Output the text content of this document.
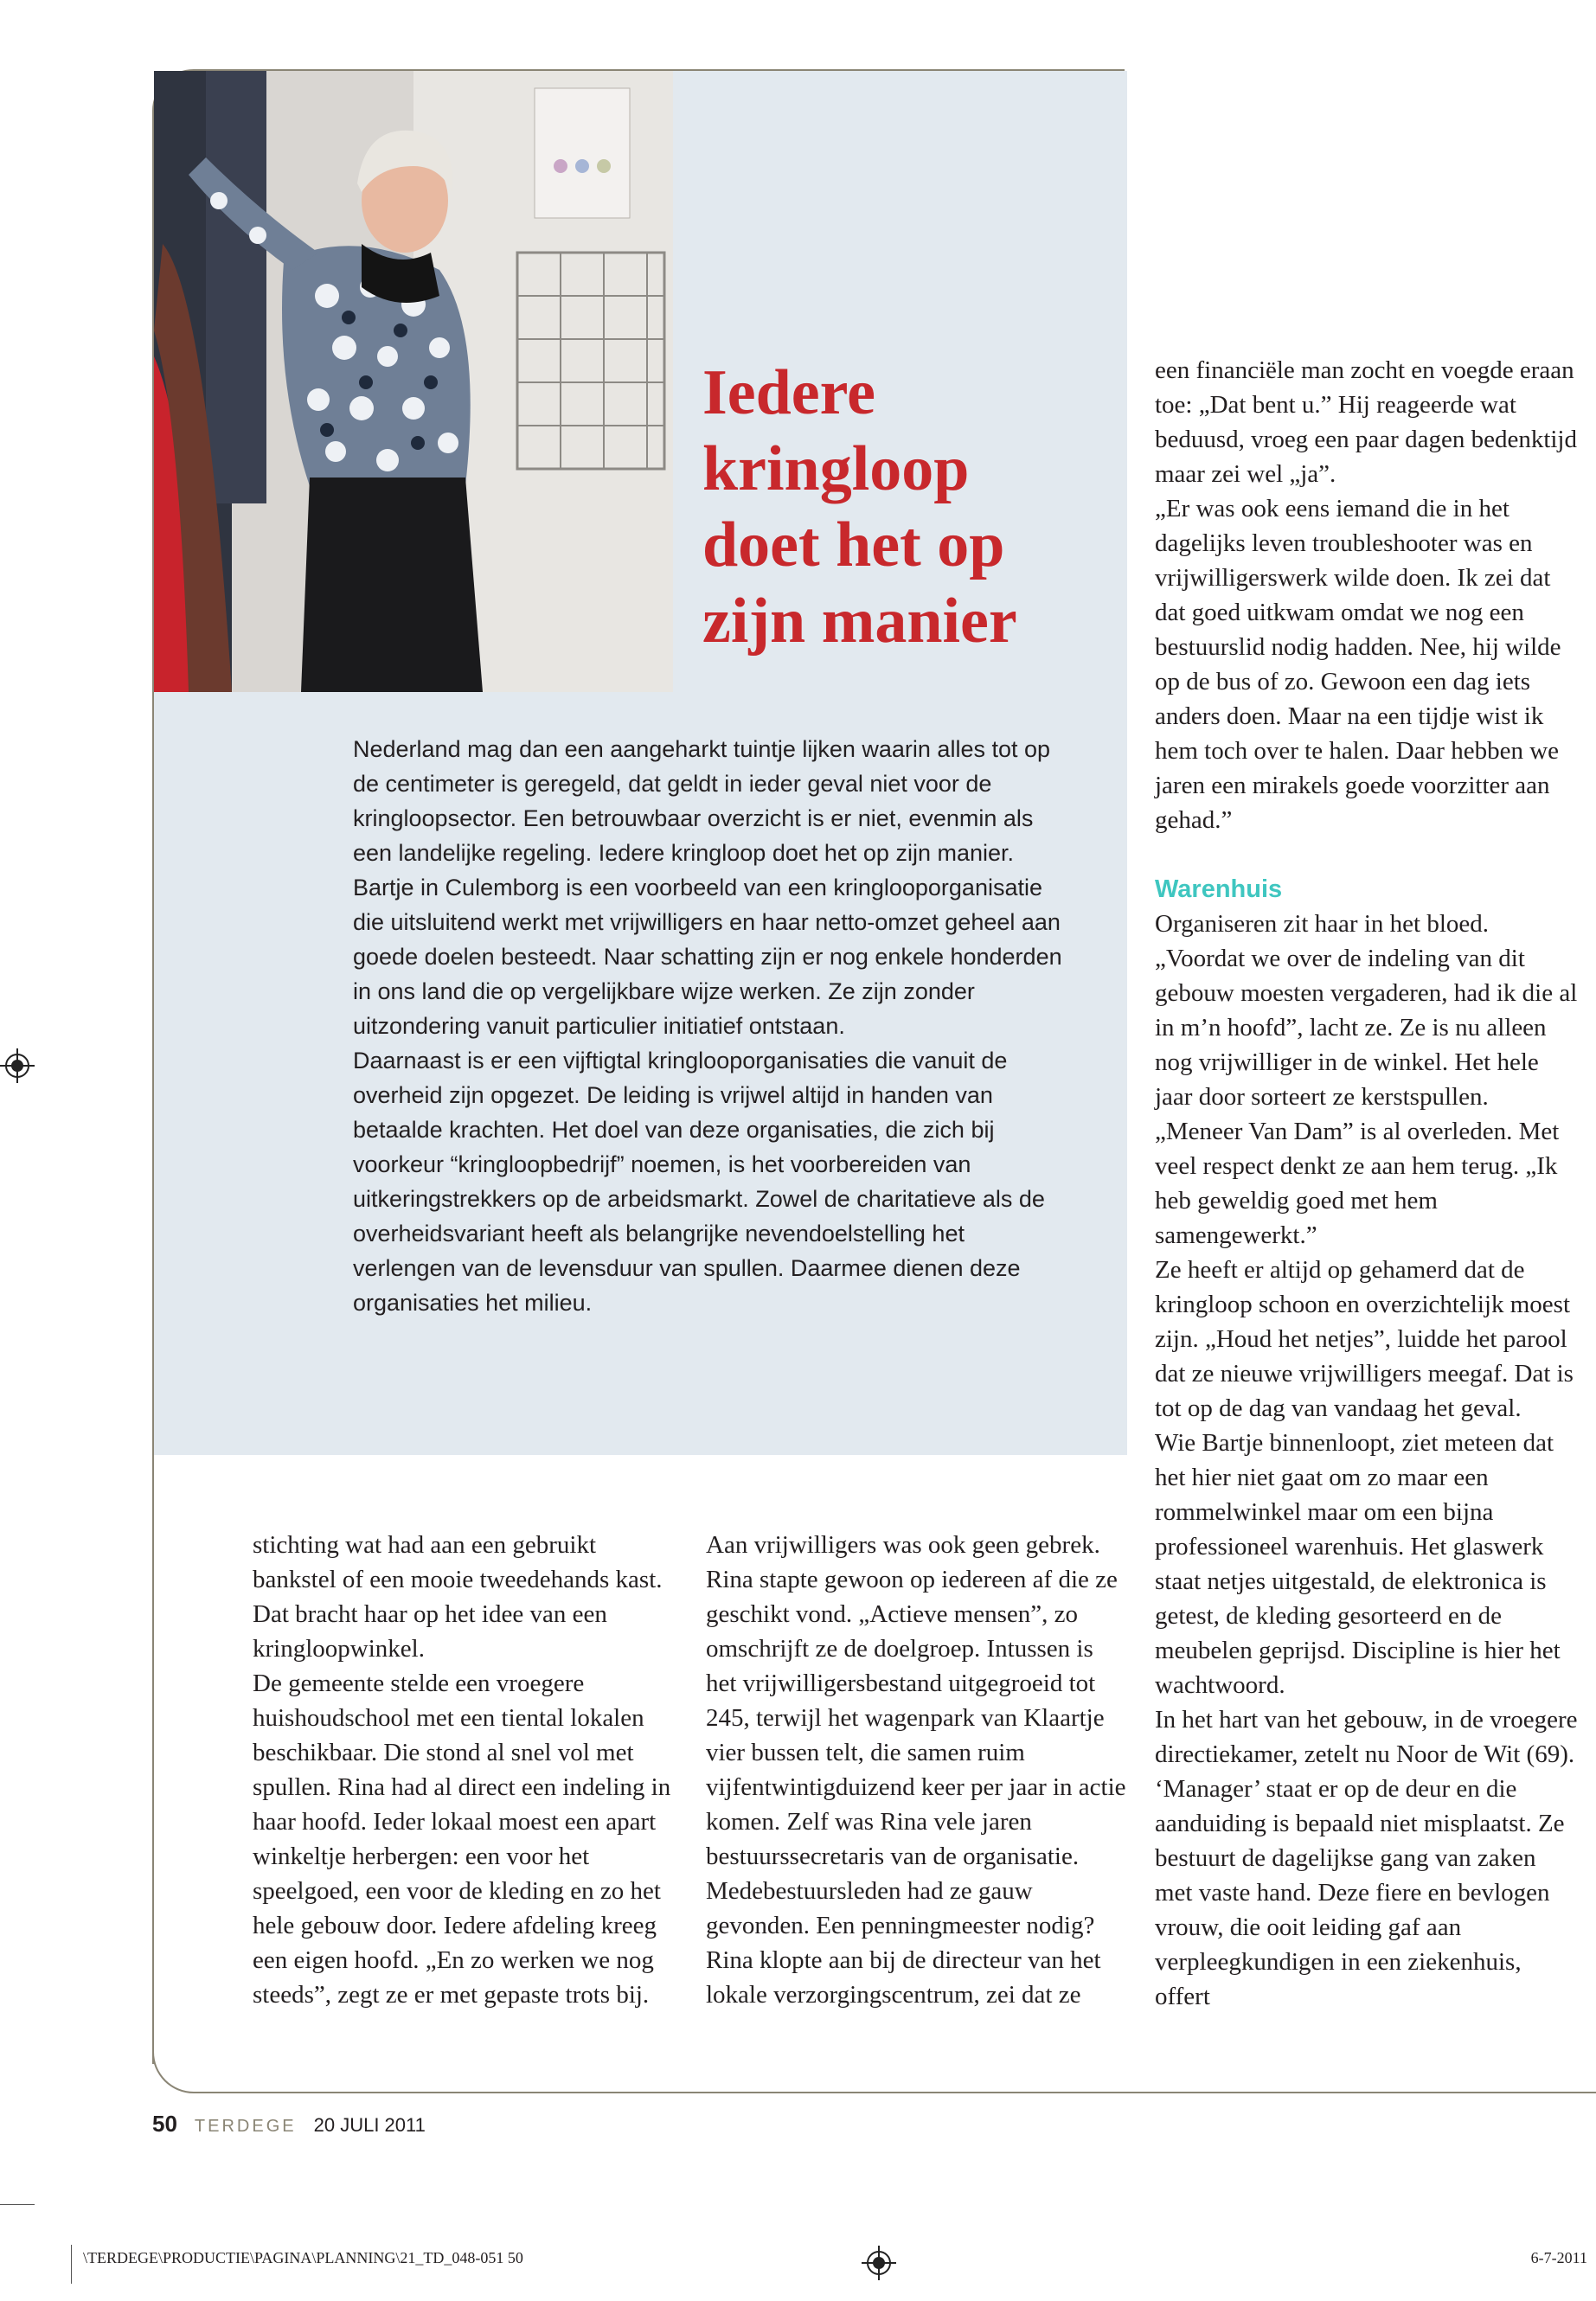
Iedere kringloop doet het op zijn manier

Nederland mag dan een aangeharkt tuintje lijken waarin alles tot op de centimeter is geregeld, dat geldt in ieder geval niet voor de kringloopsector. Een betrouwbaar overzicht is er niet, evenmin als een landelijke regeling. Iedere kringloop doet het op zijn manier.

Bartje in Culemborg is een voorbeeld van een kringlooporganisatie die uitsluitend werkt met vrijwilligers en haar netto-omzet geheel aan goede doelen besteedt. Naar schatting zijn er nog enkele honderden in ons land die op vergelijkbare wijze werken. Ze zijn zonder uitzondering vanuit particulier initiatief ontstaan.

Daarnaast is er een vijftigtal kringlooporganisaties die vanuit de overheid zijn opgezet. De leiding is vrijwel altijd in handen van betaalde krachten. Het doel van deze organisaties, die zich bij voorkeur “kringloopbedrijf” noemen, is het voorbereiden van uitkeringstrekkers op de arbeidsmarkt. Zowel de charitatieve als de overheidsvariant heeft als belangrijke nevendoelstelling het verlengen van de levensduur van spullen. Daarmee dienen deze organisaties het milieu.

stichting wat had aan een gebruikt bankstel of een mooie tweedehands kast. Dat bracht haar op het idee van een kringloopwinkel.

De gemeente stelde een vroegere huishoudschool met een tiental lokalen beschikbaar. Die stond al snel vol met spullen. Rina had al direct een indeling in haar hoofd. Ieder lokaal moest een apart winkeltje herbergen: een voor het speelgoed, een voor de kleding en zo het hele gebouw door. Iedere afdeling kreeg een eigen hoofd. „En zo werken we nog steeds”, zegt ze er met gepaste trots bij.

Aan vrijwilligers was ook geen gebrek. Rina stapte gewoon op iedereen af die ze geschikt vond. „Actieve mensen”, zo omschrijft ze de doelgroep. Intussen is het vrijwilligersbestand uitgegroeid tot 245, terwijl het wagenpark van Klaartje vier bussen telt, die samen ruim vijfentwintigduizend keer per jaar in actie komen. Zelf was Rina vele jaren bestuurssecretaris van de organisatie. Medebestuursleden had ze gauw gevonden. Een penningmeester nodig? Rina klopte aan bij de directeur van het lokale verzorgingscentrum, zei dat ze

een financiële man zocht en voegde eraan toe: „Dat bent u.” Hij reageerde wat beduusd, vroeg een paar dagen bedenktijd maar zei wel „ja”.

„Er was ook eens iemand die in het dagelijks leven troubleshooter was en vrijwilligerswerk wilde doen. Ik zei dat dat goed uitkwam omdat we nog een bestuurslid nodig hadden. Nee, hij wilde op de bus of zo. Gewoon een dag iets anders doen. Maar na een tijdje wist ik hem toch over te halen. Daar hebben we jaren een mirakels goede voorzitter aan gehad.”

Warenhuis

Organiseren zit haar in het bloed. „Voordat we over de indeling van dit gebouw moesten vergaderen, had ik die al in m’n hoofd”, lacht ze. Ze is nu alleen nog vrijwilliger in de winkel. Het hele jaar door sorteert ze kerstspullen. „Meneer Van Dam” is al overleden. Met veel respect denkt ze aan hem terug. „Ik heb geweldig goed met hem samengewerkt.”

Ze heeft er altijd op gehamerd dat de kringloop schoon en overzichtelijk moest zijn. „Houd het netjes”, luidde het parool dat ze nieuwe vrijwilligers meegaf. Dat is tot op de dag van vandaag het geval.

Wie Bartje binnenloopt, ziet meteen dat het hier niet gaat om zo maar een rommelwinkel maar om een bijna professioneel warenhuis. Het glaswerk staat netjes uitgestald, de elektronica is getest, de kleding gesorteerd en de meubelen geprijsd. Discipline is hier het wachtwoord.

In het hart van het gebouw, in de vroegere directiekamer, zetelt nu Noor de Wit (69). ‘Manager’ staat er op de deur en die aanduiding is bepaald niet misplaatst. Ze bestuurt de dagelijkse gang van zaken met vaste hand. Deze fiere en bevlogen vrouw, die ooit leiding gaf aan verpleegkundigen in een ziekenhuis, offert

50 TERDEGE 20 JULI 2011
\TERDEGE\PRODUCTIE\PAGINA\PLANNING\21_TD_048-051 50	6-7-2011
